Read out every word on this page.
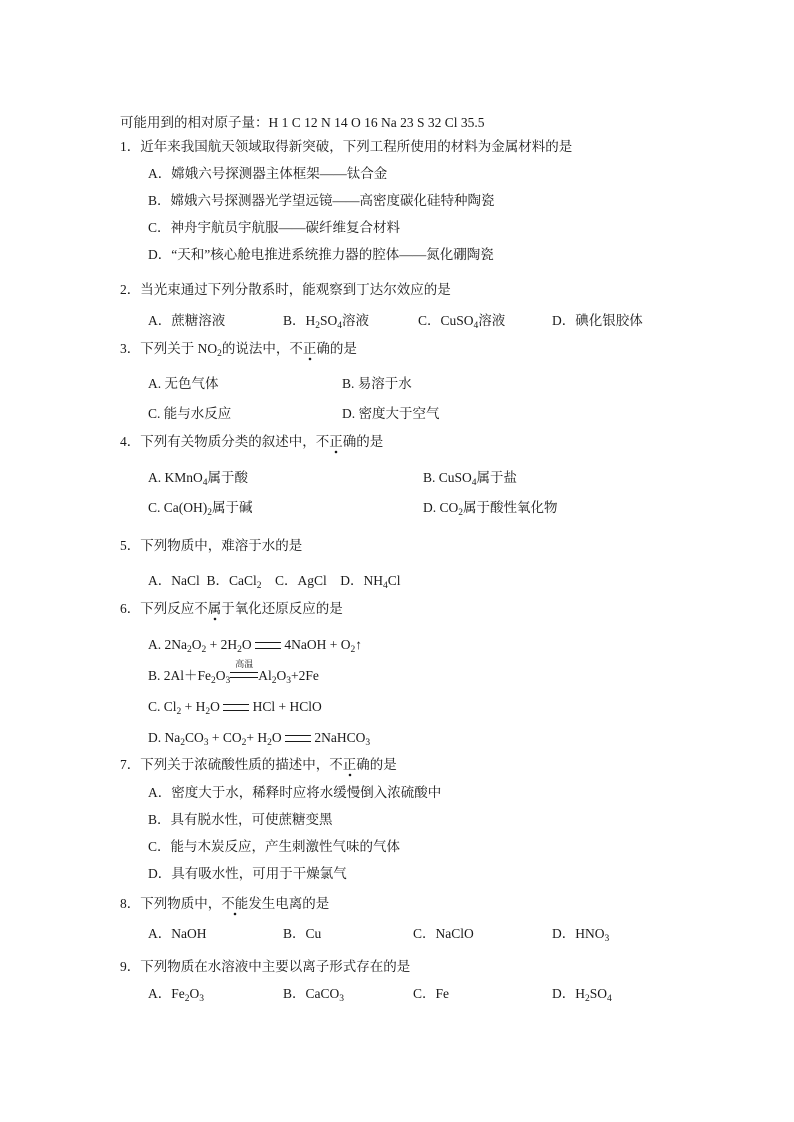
可能用到的相对原子量：H 1 C 12 N 14 O 16 Na 23 S 32 Cl 35.5
1．近年来我国航天领域取得新突破，下列工程所使用的材料为金属材料的是
A．嫦娥六号探测器主体框架——钛合金
B．嫦娥六号探测器光学望远镜——高密度碳化硅特种陶瓷
C．神舟宇航员宇航服——碳纤维复合材料
D．“天和”核心舱电推进系统推力器的腔体——氮化硼陶瓷
2．当光束通过下列分散系时，能观察到丁达尔效应的是
A．蔗糖溶液	B．$H_2SO_4$溶液	C．CuSO$_4$溶液	D．碘化银胶体
3．下列关于 $NO_2$的说法中，不正确的是
A. 无色气体	B. 易溶于水
C. 能与水反应	D. 密度大于空气
4．下列有关物质分类的叙述中，不正确的是
A. KMnO$_4$属于酸	B. CuSO$_4$属于盐
C. $Ca(OH)_2$属于碱	D. $CO_2$属于酸性氧化物
5．下列物质中，难溶于水的是
A．NaCl B．CaCl$_2$ C．AgCl D．$NH_4Cl$
6．下列反应不属于氧化还原反应的是
A. $2Na_2O_2 + 2H_2O$
4NaOH + $O_2↑$
B. $2Al+Fe_2O_3$
高温
$Al_2O_3+2Fe$
C. $Cl_2 + H_2O$
HCl + HClO
D. $Na_2CO_3 + CO_2+ H_2O$
2NaHCO$_3$
7．下列关于浓硫酸性质的描述中，不正确的是
A．密度大于水，稀释时应将水缓慢倒入浓硫酸中
B．具有脱水性，可使蔗糖变黑
C．能与木炭反应，产生刺激性气味的气体
D．具有吸水性，可用于干燥氯气
8．下列物质中，不能发生电离的是
A．NaOH	B．Cu	C．NaClO	D．$HNO_3$
9．下列物质在水溶液中主要以离子形式存在的是
A．$Fe_2O_3$	B．CaCO$_3$	C．Fe	D．$H_2SO_4$
